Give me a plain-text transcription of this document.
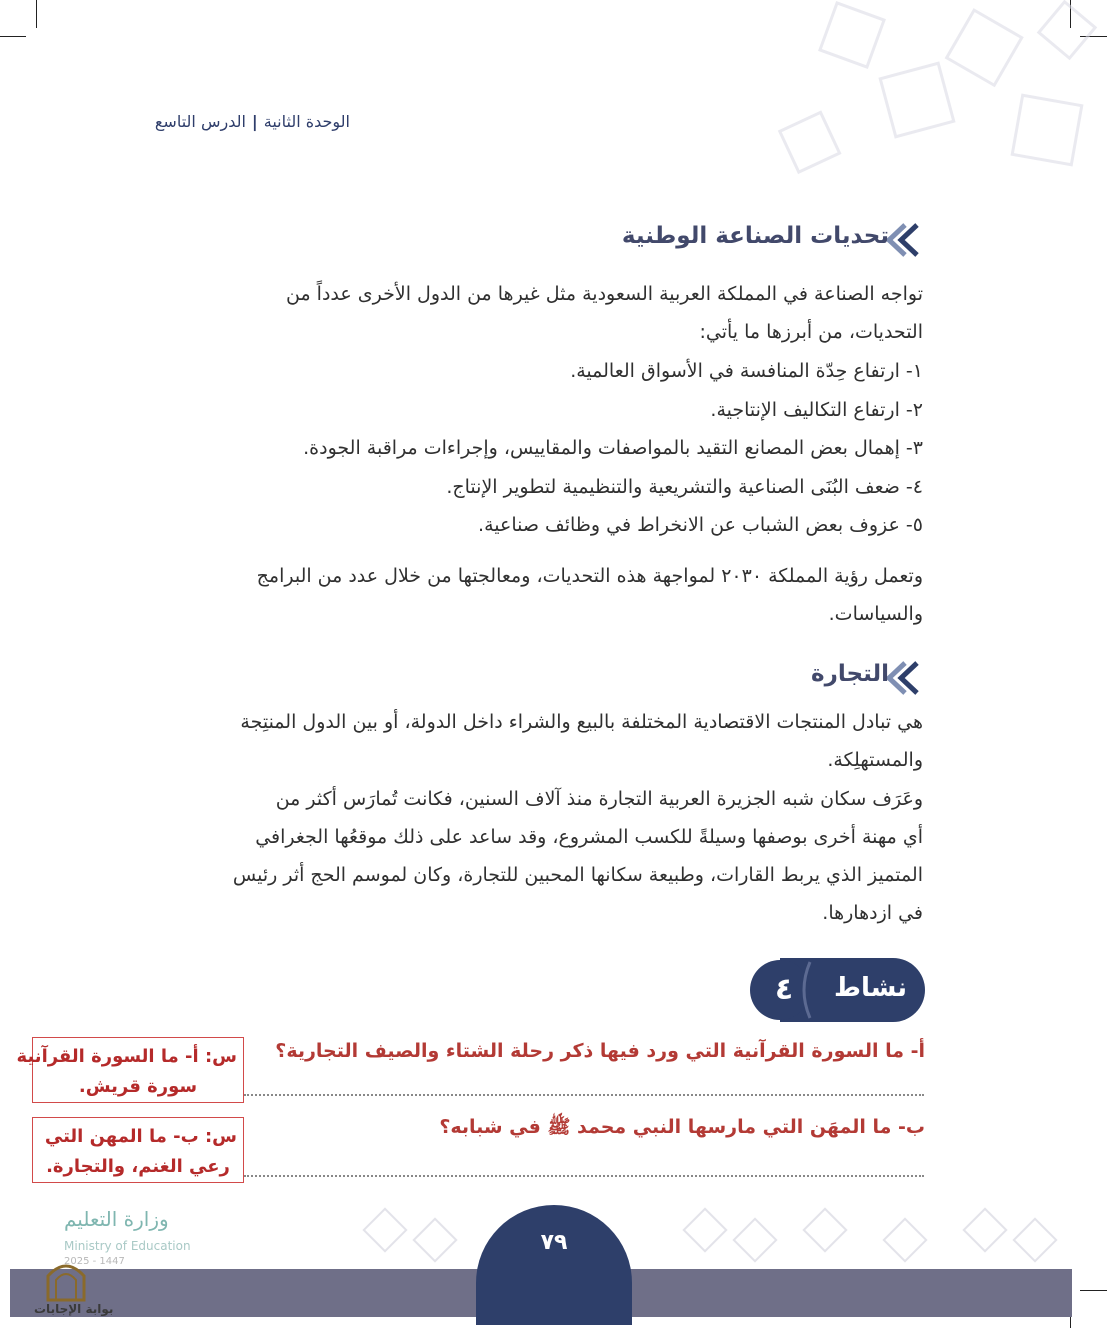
الوحدة الثانية|الدرس التاسع
تحديات الصناعة الوطنية
تواجه الصناعة في المملكة العربية السعودية مثل غيرها من الدول الأخرى عدداً من
التحديات، من أبرزها ما يأتي:
١- ارتفاع حِدّة المنافسة في الأسواق العالمية.
٢- ارتفاع التكاليف الإنتاجية.
٣- إهمال بعض المصانع التقيد بالمواصفات والمقاييس، وإجراءات مراقبة الجودة.
٤- ضعف البُنَى الصناعية والتشريعية والتنظيمية لتطوير الإنتاج.
٥- عزوف بعض الشباب عن الانخراط في وظائف صناعية.
وتعمل رؤية المملكة ٢٠٣٠ لمواجهة هذه التحديات، ومعالجتها من خلال عدد من البرامج
والسياسات.
التجارة
هي تبادل المنتجات الاقتصادية المختلفة بالبيع والشراء داخل الدولة، أو بين الدول المنتِجة
والمستهلِكة.
وعَرَف سكان شبه الجزيرة العربية التجارة منذ آلاف السنين، فكانت تُمارَس أكثر من
أي مهنة أخرى بوصفها وسيلةً للكسب المشروع، وقد ساعد على ذلك موقعُها الجغرافي
المتميز الذي يربط القارات، وطبيعة سكانها المحبين للتجارة، وكان لموسم الحج أثر رئيس
في ازدهارها.
نشاط
٤
أ- ما السورة القرآنية التي ورد فيها ذكر رحلة الشتاء والصيف التجارية؟
ب- ما المهَن التي مارسها النبي محمد ﷺ في شبابه؟
س: أ- ما السورة القرآنية
سورة قريش.
س: ب- ما المهن التي
رعي الغنم، والتجارة.
وزارة التعليم
Ministry of Education
2025 - 1447
٧٩
بوابة الإجابات
